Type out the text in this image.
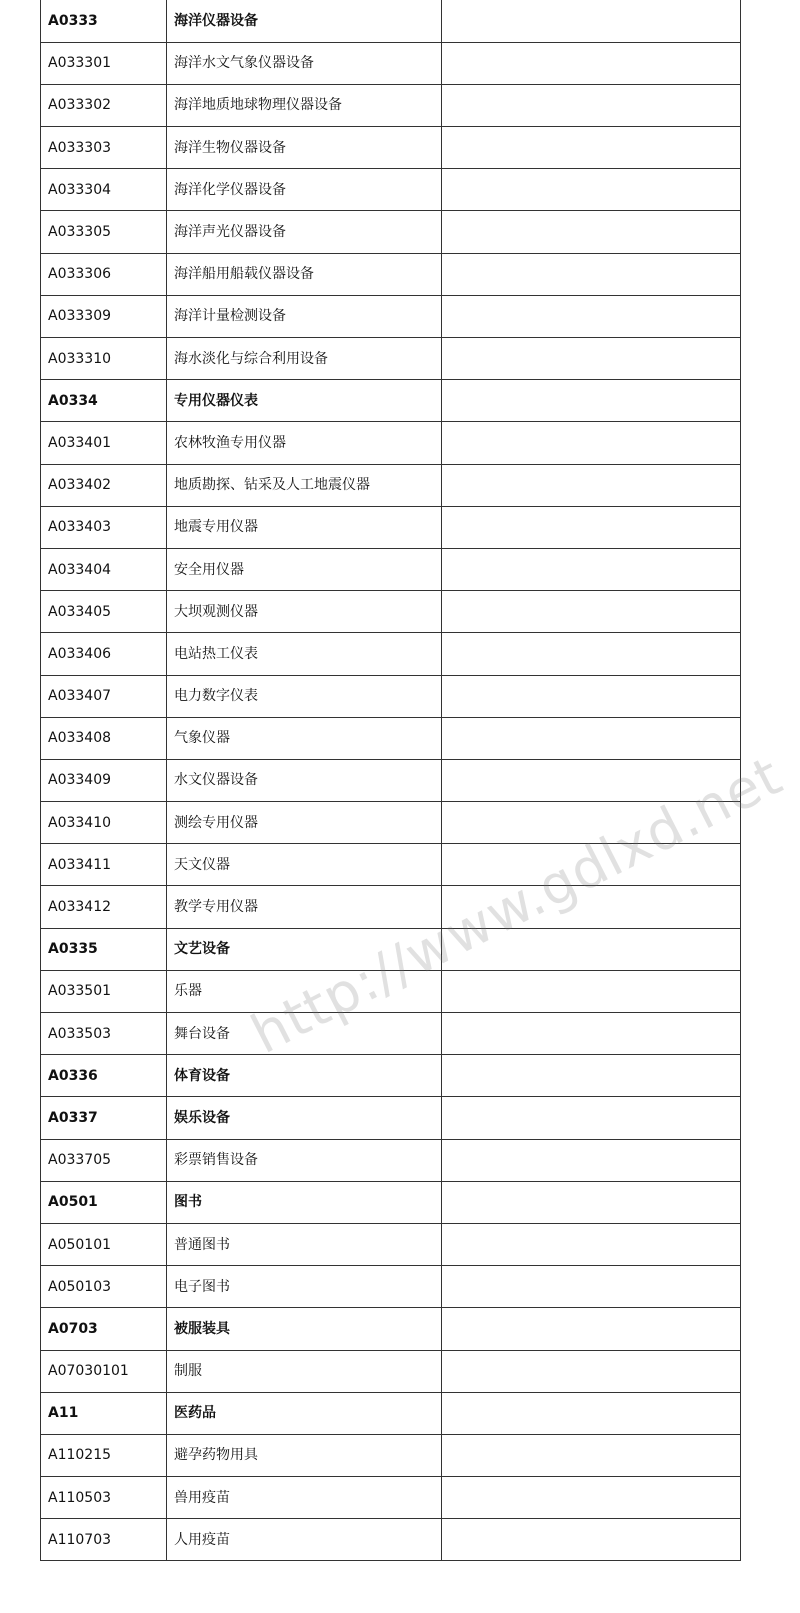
A0333	海洋仪器设备	
A033301	海洋水文气象仪器设备	
A033302	海洋地质地球物理仪器设备	
A033303	海洋生物仪器设备	
A033304	海洋化学仪器设备	
A033305	海洋声光仪器设备	
A033306	海洋船用船载仪器设备	
A033309	海洋计量检测设备	
A033310	海水淡化与综合利用设备	
A0334	专用仪器仪表	
A033401	农林牧渔专用仪器	
A033402	地质勘探、钻采及人工地震仪器	
A033403	地震专用仪器	
A033404	安全用仪器	
A033405	大坝观测仪器	
A033406	电站热工仪表	
A033407	电力数字仪表	
A033408	气象仪器	
A033409	水文仪器设备	
A033410	测绘专用仪器	
A033411	天文仪器	
A033412	教学专用仪器	
A0335	文艺设备	
A033501	乐器	
A033503	舞台设备	
A0336	体育设备	
A0337	娱乐设备	
A033705	彩票销售设备	
A0501	图书	
A050101	普通图书	
A050103	电子图书	
A0703	被服装具	
A07030101	制服	
A11	医药品	
A110215	避孕药物用具	
A110503	兽用疫苗	
A110703	人用疫苗	
http://www.gdlxd.net
